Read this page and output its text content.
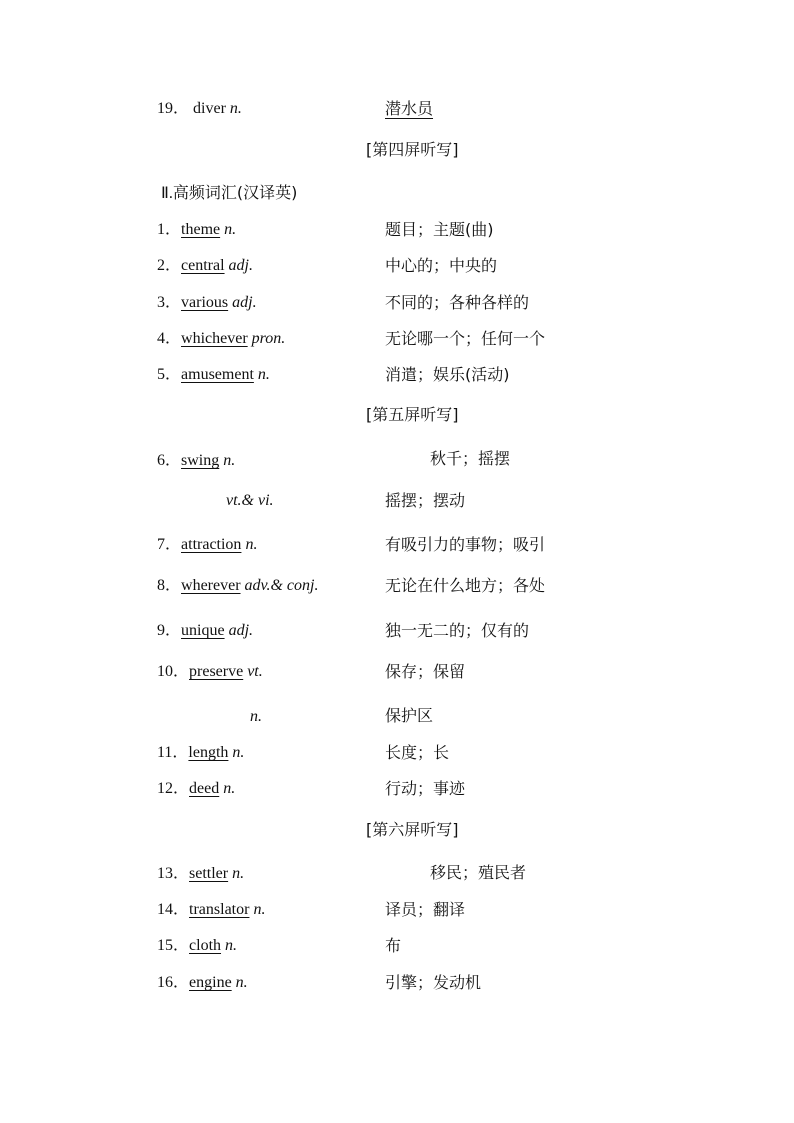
19． diver n.	潜水员
[第四屏听写]
Ⅱ.高频词汇(汉译英)
1．theme n.	题目；主题(曲)
2．central adj.	中心的；中央的
3．various adj.	不同的；各种各样的
4．whichever pron.	无论哪一个；任何一个
5．amusement n.	消遣；娱乐(活动)
[第五屏听写]
6．swing n.	秋千；摇摆
vt.& vi.	摇摆；摆动
7．attraction n.	有吸引力的事物；吸引
8．wherever adv.& conj.	无论在什么地方；各处
9．unique adj.	独一无二的；仅有的
10．preserve vt.	保存；保留
n.	保护区
11．length n.	长度；长
12．deed n.	行动；事迹
[第六屏听写]
13．settler n.	移民；殖民者
14．translator n.	译员；翻译
15．cloth n.	布
16．engine n.	引擎；发动机
